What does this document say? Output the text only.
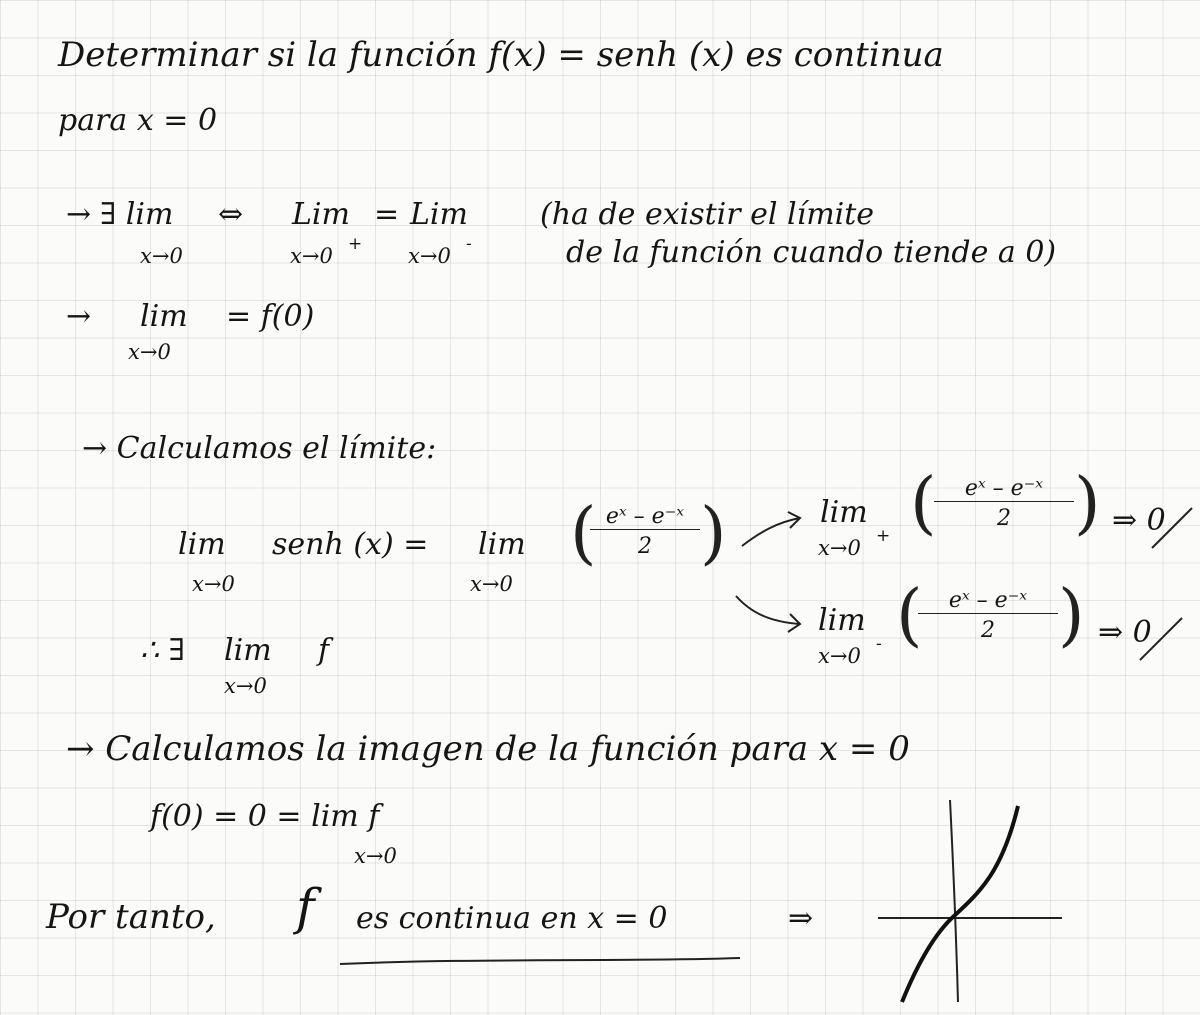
Determinar si la función f(x) = senh (x) es continua
para x = 0
→ ∃ lim
x→0
⇔ Lim
x→0 +
= Lim
x→0 -
(ha de existir el límite
de la función cuando tiende a 0)
→ lim
x→0
= f(0)
→ Calculamos el límite:
lim
x→0
senh (x) = lim
x→0
(
$\frac{\text{eˣ – e⁻ˣ}}{2}$ )	lim
x→0 + (
$\frac{\text{eˣ – e⁻ˣ}}{2}$ ) ⇒ 0
lim
x→0 - (
$\frac{\text{eˣ – e⁻ˣ}}{2}$ ) ⇒ 0
∴ ∃ lim f
x→0
→ Calculamos la imagen de la función para x = 0
f(0) = 0 = lim f
x→0
Por tanto, f es continua en x = 0	⇒
